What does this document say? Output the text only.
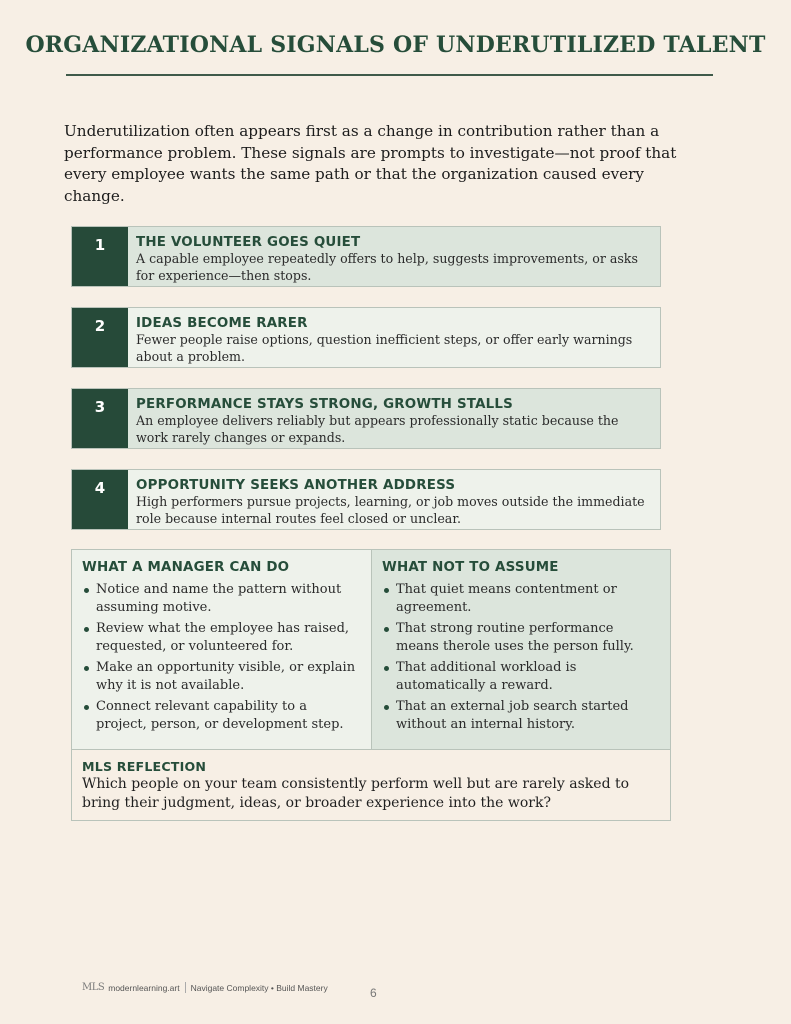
ORGANIZATIONAL SIGNALS OF UNDERUTILIZED TALENT

Underutilization often appears first as a change in contribution rather than a performance problem. These signals are prompts to investigate—not proof that every employee wants the same path or that the organization caused every change.

1	THE VOLUNTEER GOES QUIET
A capable employee repeatedly offers to help, suggests improvements, or asks for experience—then stops.
2	IDEAS BECOME RARER
Fewer people raise options, question inefficient steps, or offer early warnings about a problem.
3	PERFORMANCE STAYS STRONG, GROWTH STALLS
An employee delivers reliably but appears professionally static because the work rarely changes or expands.
4	OPPORTUNITY SEEKS ANOTHER ADDRESS
High performers pursue projects, learning, or job moves outside the immediate role because internal routes feel closed or unclear.
WHAT A MANAGER CAN DO
Notice and name the pattern without assuming motive.
Review what the employee has raised, requested, or volunteered for.
Make an opportunity visible, or explain why it is not available.
Connect relevant capability to a project, person, or development step.
WHAT NOT TO ASSUME
That quiet means contentment or agreement.
That strong routine performance means therole uses the person fully.
That additional workload is automatically a reward.
That an external job search started without an internal history.
MLS REFLECTION
Which people on your team consistently perform well but are rarely asked to bring their judgment, ideas, or broader experience into the work?
MLS modernlearning.art Navigate Complexity • Build Mastery	6
